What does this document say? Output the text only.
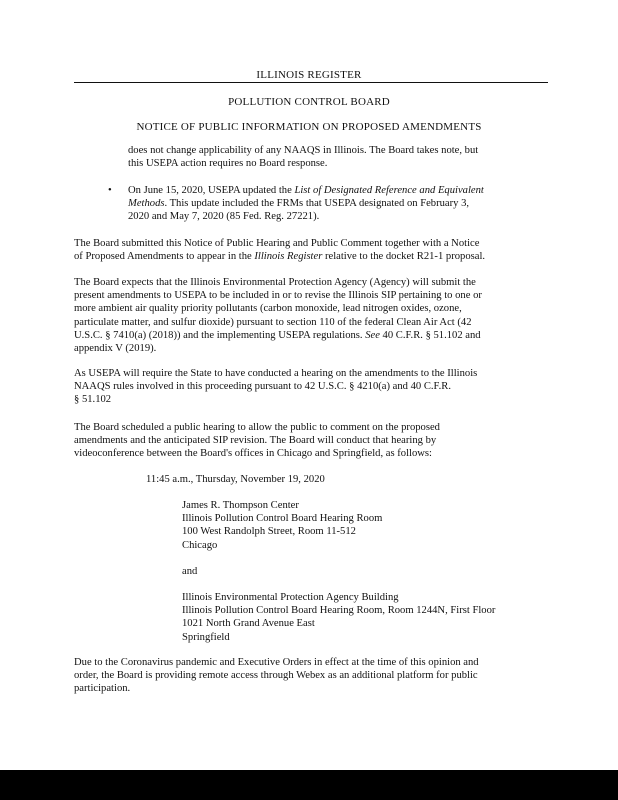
ILLINOIS REGISTER
POLLUTION CONTROL BOARD
NOTICE OF PUBLIC INFORMATION ON PROPOSED AMENDMENTS
does not change applicability of any NAAQS in Illinois. The Board takes note, but
this USEPA action requires no Board response.
• On June 15, 2020, USEPA updated the List of Designated Reference and Equivalent
Methods. This update included the FRMs that USEPA designated on February 3,
2020 and May 7, 2020 (85 Fed. Reg. 27221).
The Board submitted this Notice of Public Hearing and Public Comment together with a Notice
of Proposed Amendments to appear in the Illinois Register relative to the docket R21-1 proposal.
The Board expects that the Illinois Environmental Protection Agency (Agency) will submit the
present amendments to USEPA to be included in or to revise the Illinois SIP pertaining to one or
more ambient air quality priority pollutants (carbon monoxide, lead nitrogen oxides, ozone,
particulate matter, and sulfur dioxide) pursuant to section 110 of the federal Clean Air Act (42
U.S.C. § 7410(a) (2018)) and the implementing USEPA regulations. See 40 C.F.R. § 51.102 and
appendix V (2019).
As USEPA will require the State to have conducted a hearing on the amendments to the Illinois
NAAQS rules involved in this proceeding pursuant to 42 U.S.C. § 4210(a) and 40 C.F.R.
§ 51.102
The Board scheduled a public hearing to allow the public to comment on the proposed
amendments and the anticipated SIP revision. The Board will conduct that hearing by
videoconference between the Board's offices in Chicago and Springfield, as follows:
11:45 a.m., Thursday, November 19, 2020
James R. Thompson Center
Illinois Pollution Control Board Hearing Room
100 West Randolph Street, Room 11-512
Chicago
and
Illinois Environmental Protection Agency Building
Illinois Pollution Control Board Hearing Room, Room 1244N, First Floor
1021 North Grand Avenue East
Springfield
Due to the Coronavirus pandemic and Executive Orders in effect at the time of this opinion and
order, the Board is providing remote access through Webex as an additional platform for public
participation.
